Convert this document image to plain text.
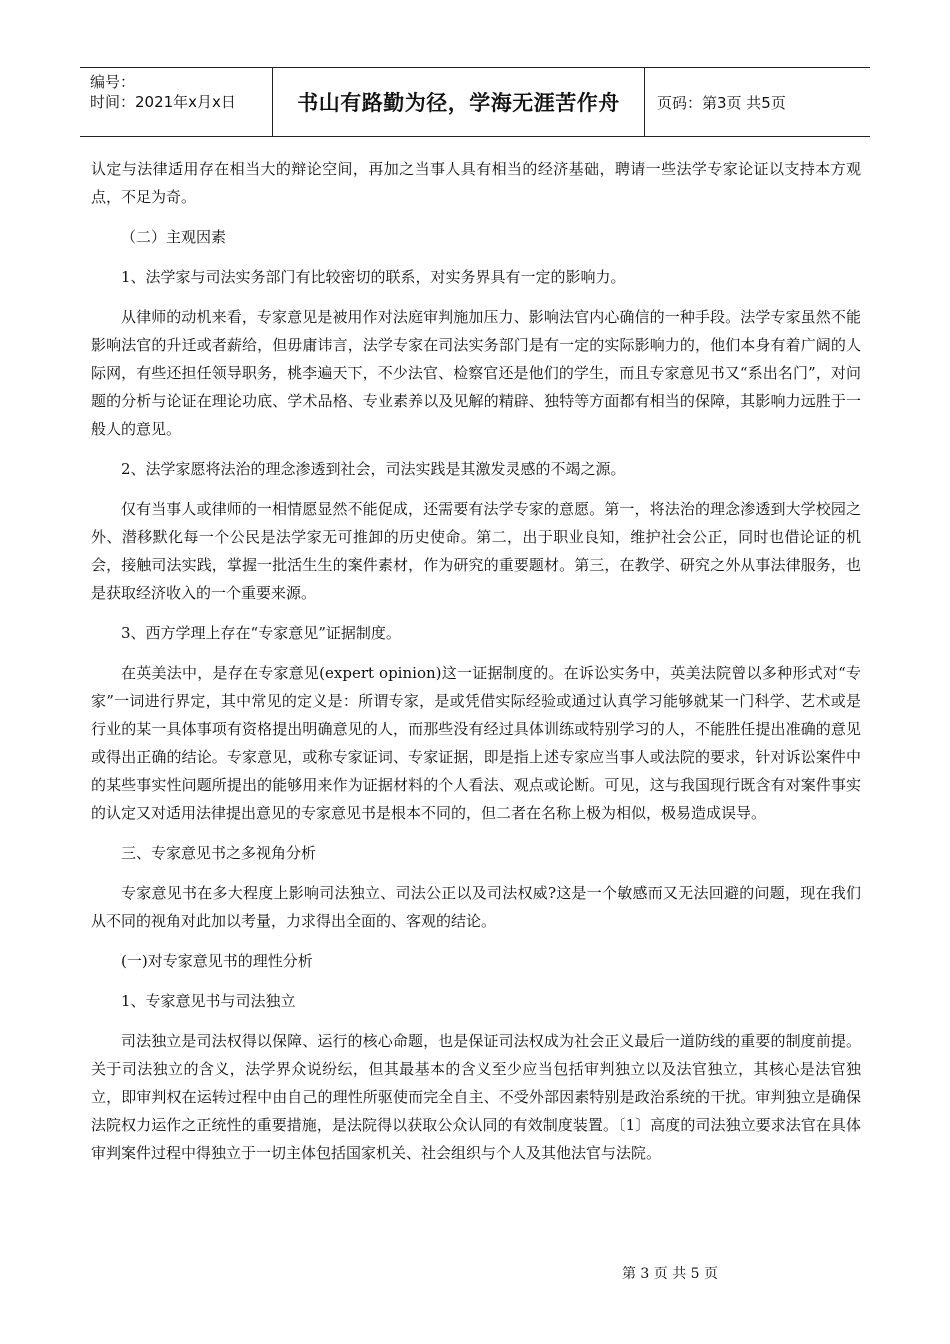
编号：
时间：2021年x月x日	书山有路勤为径，学海无涯苦作舟	页码：第3页 共5页

认定与法律适用存在相当大的辩论空间，再加之当事人具有相当的经济基础，聘请一些法学专家论证以支持本方观点，不足为奇。

（二）主观因素

1、法学家与司法实务部门有比较密切的联系，对实务界具有一定的影响力。

从律师的动机来看，专家意见是被用作对法庭审判施加压力、影响法官内心确信的一种手段。法学专家虽然不能影响法官的升迁或者薪给，但毋庸讳言，法学专家在司法实务部门是有一定的实际影响力的，他们本身有着广阔的人际网，有些还担任领导职务，桃李遍天下，不少法官、检察官还是他们的学生，而且专家意见书又“系出名门”，对问题的分析与论证在理论功底、学术品格、专业素养以及见解的精辟、独特等方面都有相当的保障，其影响力远胜于一般人的意见。

2、法学家愿将法治的理念渗透到社会，司法实践是其激发灵感的不竭之源。

仅有当事人或律师的一相情愿显然不能促成，还需要有法学专家的意愿。第一，将法治的理念渗透到大学校园之外、潜移默化每一个公民是法学家无可推卸的历史使命。第二，出于职业良知，维护社会公正，同时也借论证的机会，接触司法实践，掌握一批活生生的案件素材，作为研究的重要题材。第三，在教学、研究之外从事法律服务，也是获取经济收入的一个重要来源。

3、西方学理上存在“专家意见”证据制度。

在英美法中，是存在专家意见(expert opinion)这一证据制度的。在诉讼实务中，英美法院曾以多种形式对“专家”一词进行界定，其中常见的定义是：所谓专家，是或凭借实际经验或通过认真学习能够就某一门科学、艺术或是行业的某一具体事项有资格提出明确意见的人，而那些没有经过具体训练或特别学习的人，不能胜任提出准确的意见或得出正确的结论。专家意见，或称专家证词、专家证据，即是指上述专家应当事人或法院的要求，针对诉讼案件中的某些事实性问题所提出的能够用来作为证据材料的个人看法、观点或论断。可见，这与我国现行既含有对案件事实的认定又对适用法律提出意见的专家意见书是根本不同的，但二者在名称上极为相似，极易造成误导。

三、专家意见书之多视角分析

专家意见书在多大程度上影响司法独立、司法公正以及司法权威?这是一个敏感而又无法回避的问题，现在我们从不同的视角对此加以考量，力求得出全面的、客观的结论。

(一)对专家意见书的理性分析

1、专家意见书与司法独立

司法独立是司法权得以保障、运行的核心命题，也是保证司法权成为社会正义最后一道防线的重要的制度前提。关于司法独立的含义，法学界众说纷纭，但其最基本的含义至少应当包括审判独立以及法官独立，其核心是法官独立，即审判权在运转过程中由自己的理性所驱使而完全自主、不受外部因素特别是政治系统的干扰。审判独立是确保法院权力运作之正统性的重要措施，是法院得以获取公众认同的有效制度装置。〔1〕高度的司法独立要求法官在具体审判案件过程中得独立于一切主体包括国家机关、社会组织与个人及其他法官与法院。

第 3 页 共 5 页
